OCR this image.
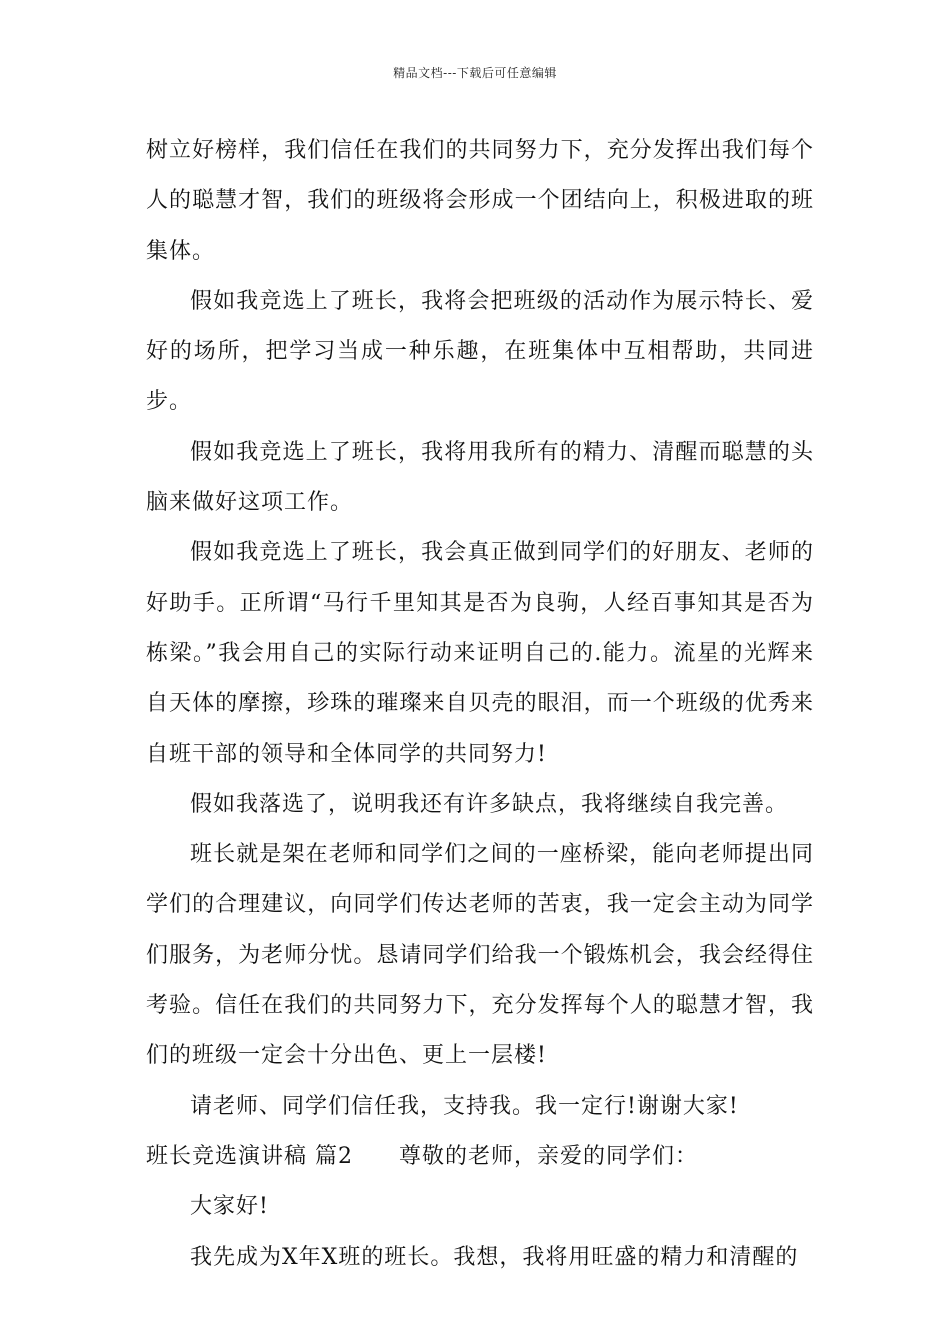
精品文档---下载后可任意编辑

树立好榜样，我们信任在我们的共同努力下，充分发挥出我们每个人的聪慧才智，我们的班级将会形成一个团结向上，积极进取的班集体。

假如我竞选上了班长，我将会把班级的活动作为展示特长、爱好的场所，把学习当成一种乐趣，在班集体中互相帮助，共同进步。

假如我竞选上了班长，我将用我所有的精力、清醒而聪慧的头脑来做好这项工作。

假如我竞选上了班长，我会真正做到同学们的好朋友、老师的好助手。正所谓“马行千里知其是否为良驹，人经百事知其是否为栋梁。”我会用自己的实际行动来证明自己的.能力。流星的光辉来自天体的摩擦，珍珠的璀璨来自贝壳的眼泪，而一个班级的优秀来自班干部的领导和全体同学的共同努力!

假如我落选了，说明我还有许多缺点，我将继续自我完善。

班长就是架在老师和同学们之间的一座桥梁，能向老师提出同学们的合理建议，向同学们传达老师的苦衷，我一定会主动为同学们服务，为老师分忧。恳请同学们给我一个锻炼机会，我会经得住考验。信任在我们的共同努力下，充分发挥每个人的聪慧才智，我们的班级一定会十分出色、更上一层楼!

请老师、同学们信任我，支持我。我一定行!谢谢大家!

班长竞选演讲稿 篇2　　尊敬的老师，亲爱的同学们：

大家好!

我先成为X年X班的班长。我想，我将用旺盛的精力和清醒的
